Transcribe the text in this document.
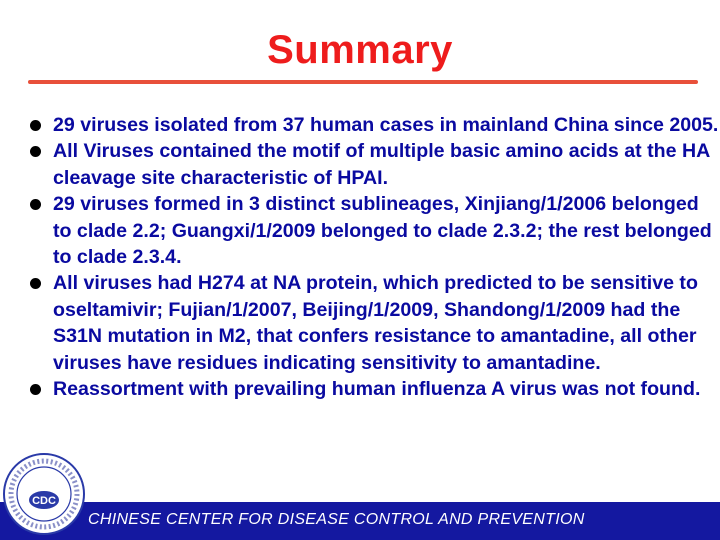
Summary
29 viruses isolated from 37 human cases in mainland China since 2005.
All Viruses contained the motif of multiple basic amino acids at the HA cleavage site characteristic of HPAI.
29 viruses formed in 3 distinct sublineages, Xinjiang/1/2006 belonged to clade 2.2; Guangxi/1/2009 belonged to clade 2.3.2; the rest belonged to clade 2.3.4.
All viruses had H274 at NA protein, which predicted to be sensitive to oseltamivir; Fujian/1/2007, Beijing/1/2009, Shandong/1/2009 had the S31N mutation in M2, that confers resistance to amantadine, all other viruses have residues indicating sensitivity to amantadine.
Reassortment with prevailing human influenza A virus was not found.
CHINESE CENTER FOR DISEASE CONTROL AND PREVENTION
CDC
